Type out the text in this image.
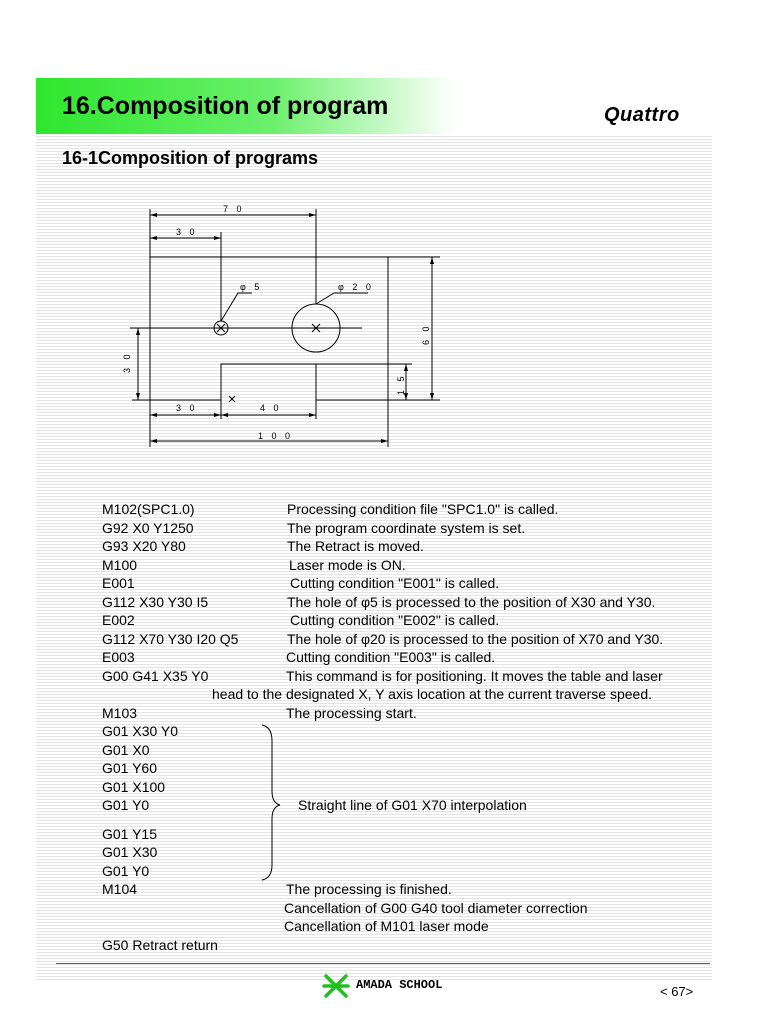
16.Composition of program	Quattro
16-1Composition of programs
7 0
3 0
φ 5	φ 2 0
3 0	4 0
1 0 0
6 0
3 0
1 5
M102(SPC1.0)	Processing condition file "SPC1.0" is called.
G92 X0 Y1250	The program coordinate system is set.
G93 X20 Y80	The Retract is moved.
M100	Laser mode is ON.
E001	Cutting condition "E001" is called.
G112 X30 Y30 I5	The hole of φ5 is processed to the position of X30 and Y30.
E002	Cutting condition "E002" is called.
G112 X70 Y30 I20 Q5	The hole of φ20 is processed to the position of X70 and Y30.
E003	Cutting condition "E003" is called.
G00 G41 X35 Y0	This command is for positioning. It moves the table and laser
head to the designated X, Y axis location at the current traverse speed.
M103	The processing start.
G01 X30 Y0
G01 X0
G01 Y60
G01 X100
G01 Y0	Straight line of G01 X70 interpolation
G01 Y15
G01 X30
G01 Y0
M104	The processing is finished.
Cancellation of G00 G40 tool diameter correction
Cancellation of M101 laser mode
G50 Retract return
AMADA SCHOOL	< 67>
